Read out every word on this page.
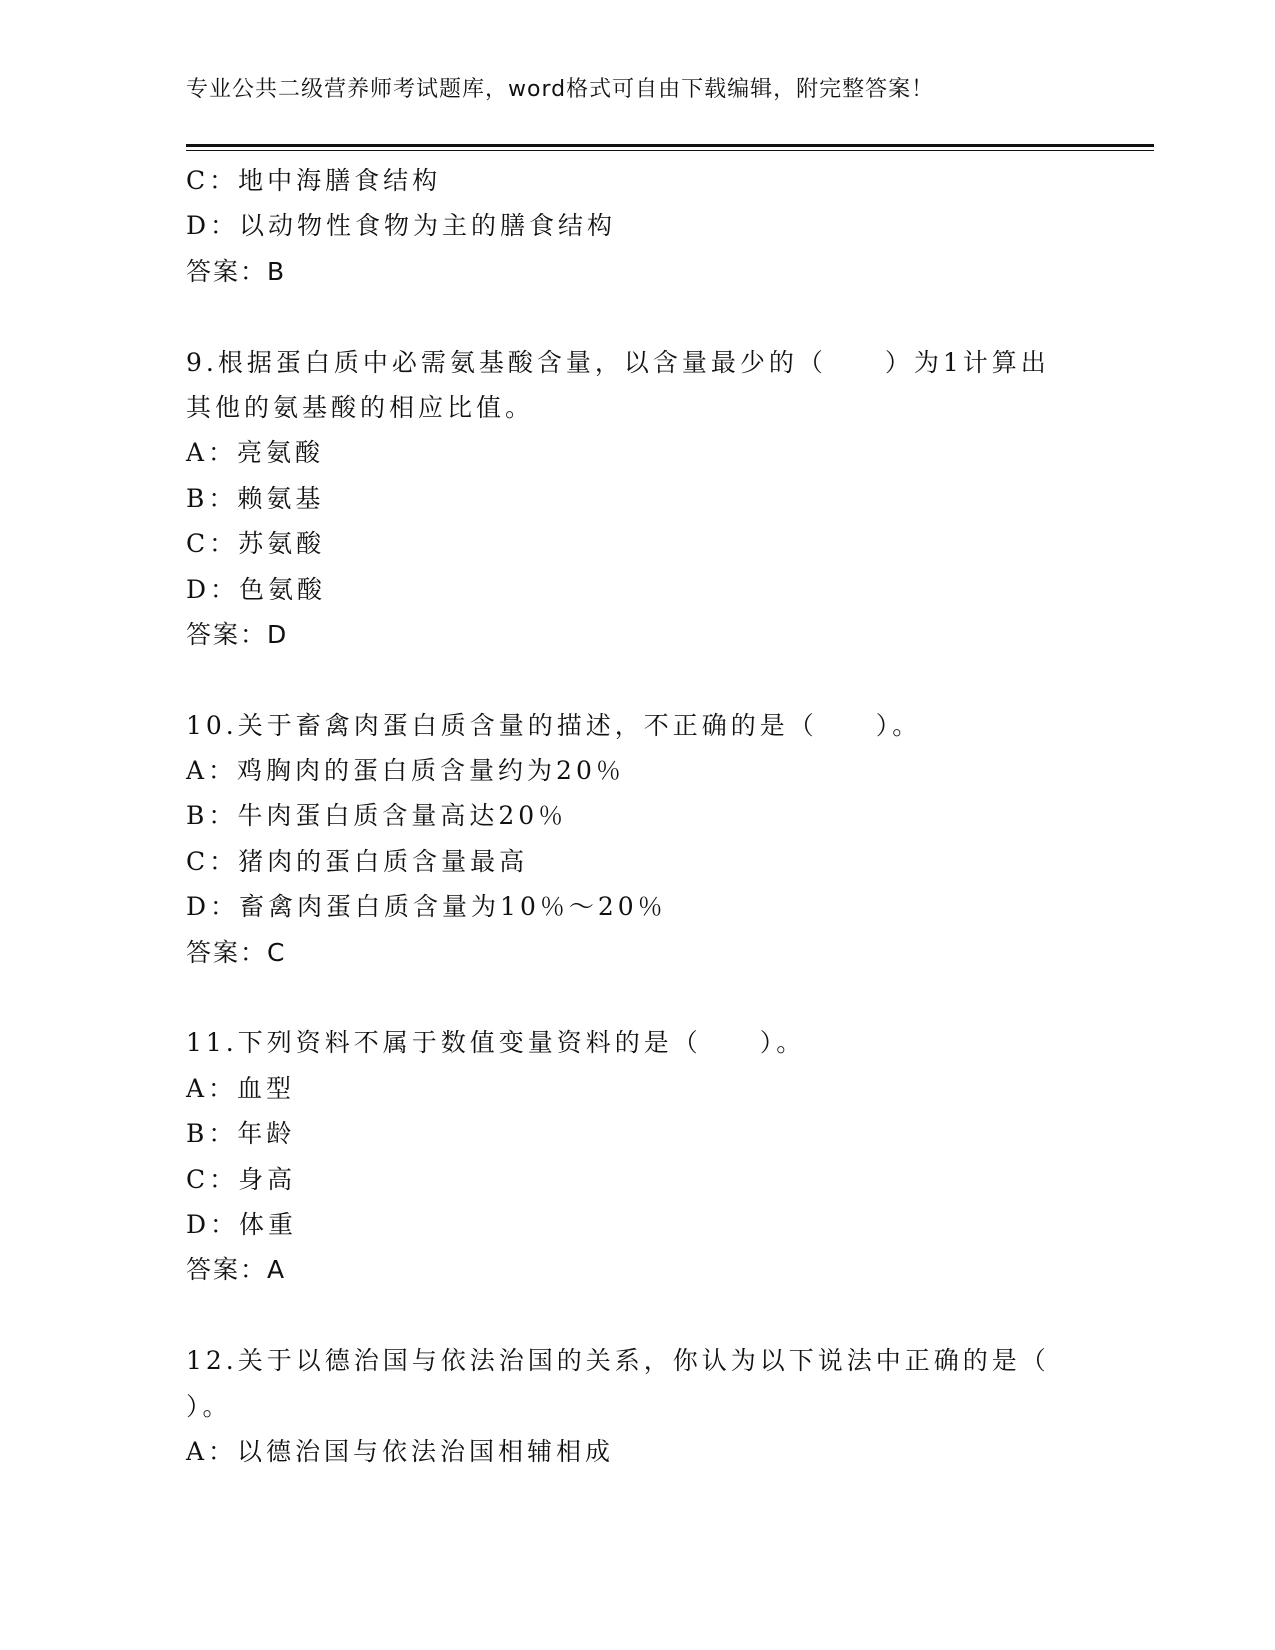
专业公共二级营养师考试题库，word格式可自由下载编辑，附完整答案！
C：地中海膳食结构
D：以动物性食物为主的膳食结构
答案：B
9.根据蛋白质中必需氨基酸含量，以含量最少的（　　）为1计算出
其他的氨基酸的相应比值。
A：亮氨酸
B：赖氨基
C：苏氨酸
D：色氨酸
答案：D
10.关于畜禽肉蛋白质含量的描述，不正确的是（　　）。
A：鸡胸肉的蛋白质含量约为20％
B：牛肉蛋白质含量高达20％
C：猪肉的蛋白质含量最高
D：畜禽肉蛋白质含量为10％～20％
答案：C
11.下列资料不属于数值变量资料的是（　　）。
A：血型
B：年龄
C：身高
D：体重
答案：A
12.关于以德治国与依法治国的关系，你认为以下说法中正确的是（
）。
A：以德治国与依法治国相辅相成
